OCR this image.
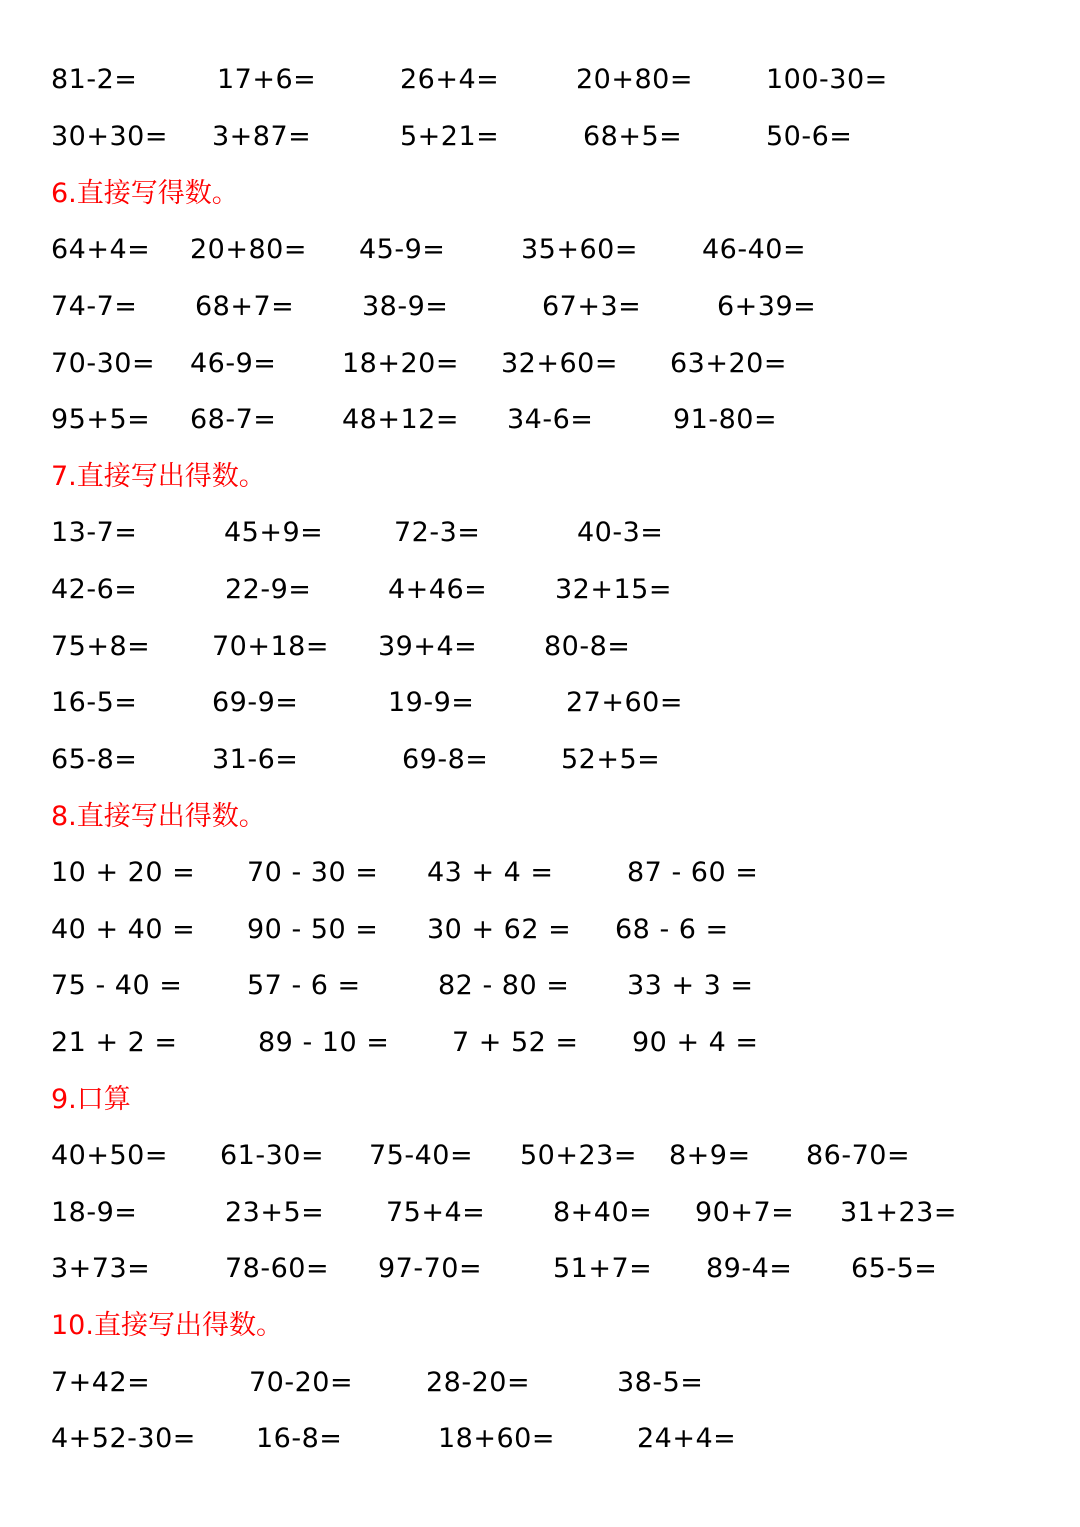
81-2=	17+6=	26+4=	20+80=	100-30=
30+30= 3+87=	5+21=	68+5=	50-6=
6.直接写得数。
64+4= 20+80= 45-9=	35+60= 46-40=
74-7= 68+7=	38-9=	67+3=	6+39=
70-30= 46-9= 18+20= 32+60= 63+20=
95+5= 68-7= 48+12= 34-6=	91-80=
7.直接写出得数。
13-7=	45+9=	72-3=	40-3=
42-6=	22-9=	4+46=	32+15=
75+8= 70+18= 39+4= 80-8=
16-5=	69-9=	19-9=	27+60=
65-8=	31-6=	69-8=	52+5=
8.直接写出得数。
10 + 20 = 70 - 30 = 43 + 4 =	87 - 60 =
40 + 40 = 90 - 50 = 30 + 62 = 68 - 6 =
75 - 40 = 57 - 6 =	82 - 80 = 33 + 3 =
21 + 2 =	89 - 10 = 7 + 52 = 90 + 4 =
9.口算
40+50= 61-30= 75-40= 50+23= 8+9= 86-70=
18-9=	23+5= 75+4=	8+40= 90+7= 31+23=
3+73=	78-60= 97-70=	51+7= 89-4= 65-5=
10.直接写出得数。
7+42=	70-20=	28-20=	38-5=
4+52-30= 16-8=	18+60=	24+4=
